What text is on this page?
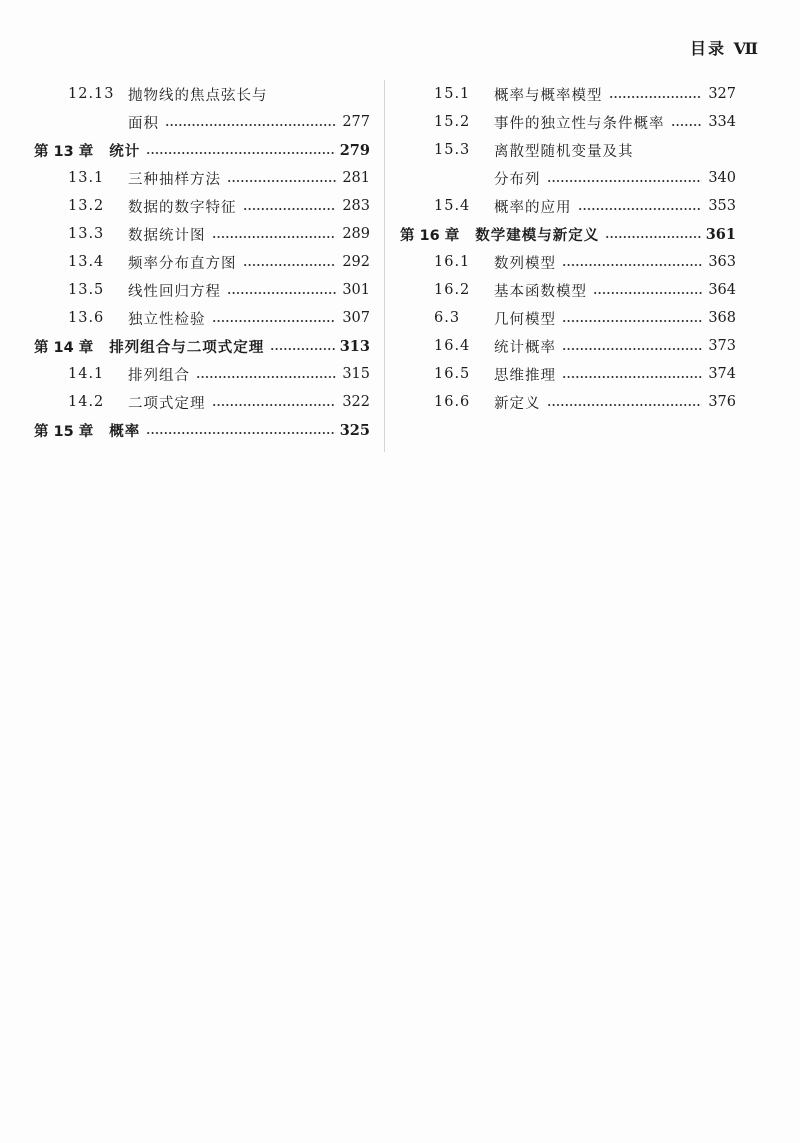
目录 Ⅶ
12.13 抛物线的焦点弦长与
面积	277
第 13 章 统计	279
13.1	三种抽样方法	281
13.2	数据的数字特征	283
13.3	数据统计图	289
13.4	频率分布直方图	292
13.5	线性回归方程	301
13.6	独立性检验	307
第 14 章 排列组合与二项式定理	313
14.1	排列组合	315
14.2	二项式定理	322
第 15 章 概率	325
15.1	概率与概率模型	327
15.2	事件的独立性与条件概率	334
15.3	离散型随机变量及其
分布列	340
15.4	概率的应用	353
第 16 章 数学建模与新定义	361
16.1	数列模型	363
16.2	基本函数模型	364
6.3	几何模型	368
16.4	统计概率	373
16.5	思维推理	374
16.6	新定义	376
